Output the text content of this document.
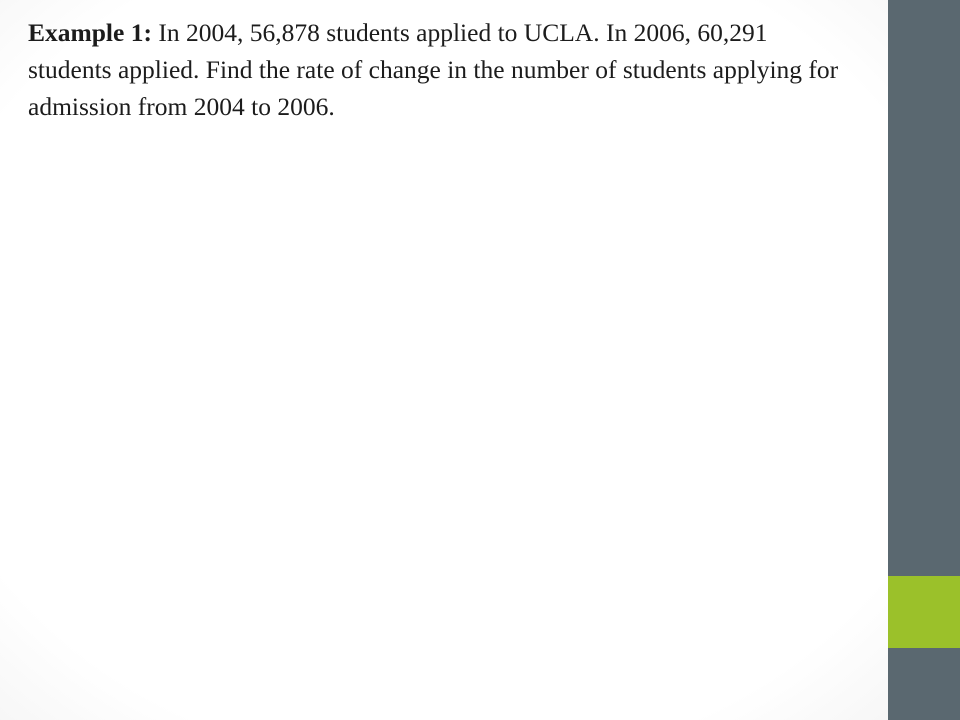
Example 1: In 2004, 56,878 students applied to UCLA. In 2006, 60,291 students applied. Find the rate of change in the number of students applying for admission from 2004 to 2006.
